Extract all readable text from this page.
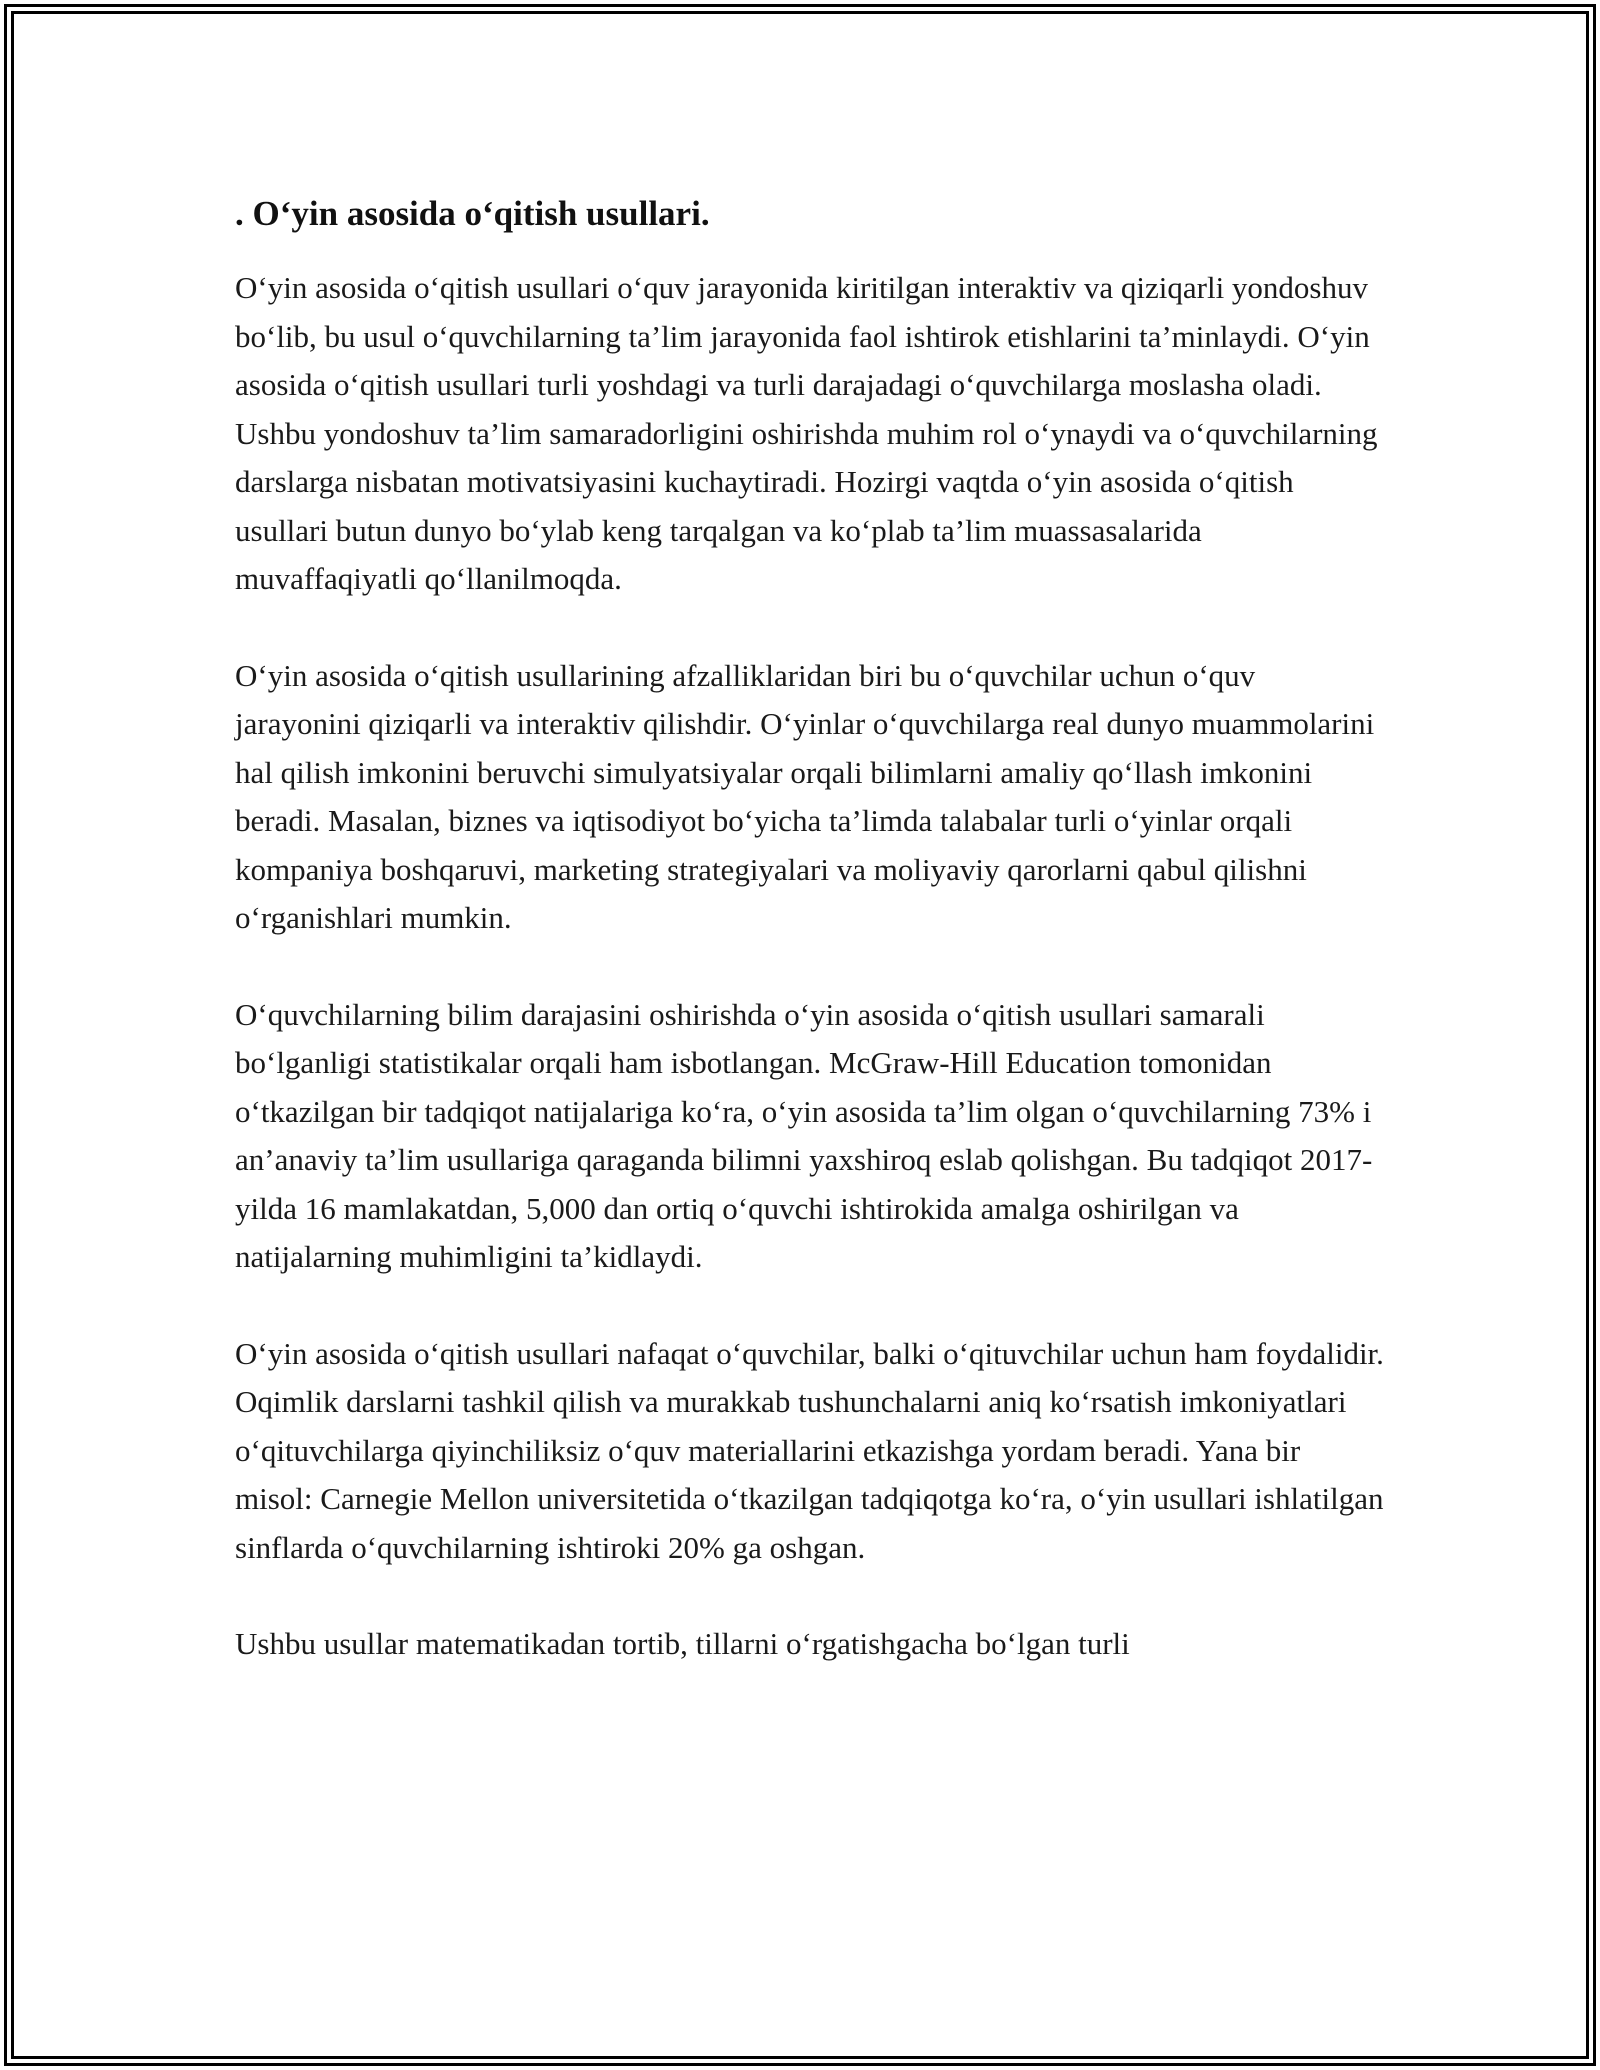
. O‘yin asosida o‘qitish usullari.

O‘yin asosida o‘qitish usullari o‘quv jarayonida kiritilgan interaktiv va qiziqarli yondoshuv bo‘lib, bu usul o‘quvchilarning ta’lim jarayonida faol ishtirok etishlarini ta’minlaydi. O‘yin asosida o‘qitish usullari turli yoshdagi va turli darajadagi o‘quvchilarga moslasha oladi. Ushbu yondoshuv ta’lim samaradorligini oshirishda muhim rol o‘ynaydi va o‘quvchilarning darslarga nisbatan motivatsiyasini kuchaytiradi. Hozirgi vaqtda o‘yin asosida o‘qitish usullari butun dunyo bo‘ylab keng tarqalgan va ko‘plab ta’lim muassasalarida muvaffaqiyatli qo‘llanilmoqda.

O‘yin asosida o‘qitish usullarining afzalliklaridan biri bu o‘quvchilar uchun o‘quv jarayonini qiziqarli va interaktiv qilishdir. O‘yinlar o‘quvchilarga real dunyo muammolarini hal qilish imkonini beruvchi simulyatsiyalar orqali bilimlarni amaliy qo‘llash imkonini beradi. Masalan, biznes va iqtisodiyot bo‘yicha ta’limda talabalar turli o‘yinlar orqali kompaniya boshqaruvi, marketing strategiyalari va moliyaviy qarorlarni qabul qilishni o‘rganishlari mumkin.

O‘quvchilarning bilim darajasini oshirishda o‘yin asosida o‘qitish usullari samarali bo‘lganligi statistikalar orqali ham isbotlangan. McGraw-Hill Education tomonidan o‘tkazilgan bir tadqiqot natijalariga ko‘ra, o‘yin asosida ta’lim olgan o‘quvchilarning 73% i an’anaviy ta’lim usullariga qaraganda bilimni yaxshiroq eslab qolishgan. Bu tadqiqot 2017-yilda 16 mamlakatdan, 5,000 dan ortiq o‘quvchi ishtirokida amalga oshirilgan va natijalarning muhimligini ta’kidlaydi.

O‘yin asosida o‘qitish usullari nafaqat o‘quvchilar, balki o‘qituvchilar uchun ham foydalidir. Oqimlik darslarni tashkil qilish va murakkab tushunchalarni aniq ko‘rsatish imkoniyatlari o‘qituvchilarga qiyinchiliksiz o‘quv materiallarini etkazishga yordam beradi. Yana bir misol: Carnegie Mellon universitetida o‘tkazilgan tadqiqotga ko‘ra, o‘yin usullari ishlatilgan sinflarda o‘quvchilarning ishtiroki 20% ga oshgan.

Ushbu usullar matematikadan tortib, tillarni o‘rgatishgacha bo‘lgan turli
